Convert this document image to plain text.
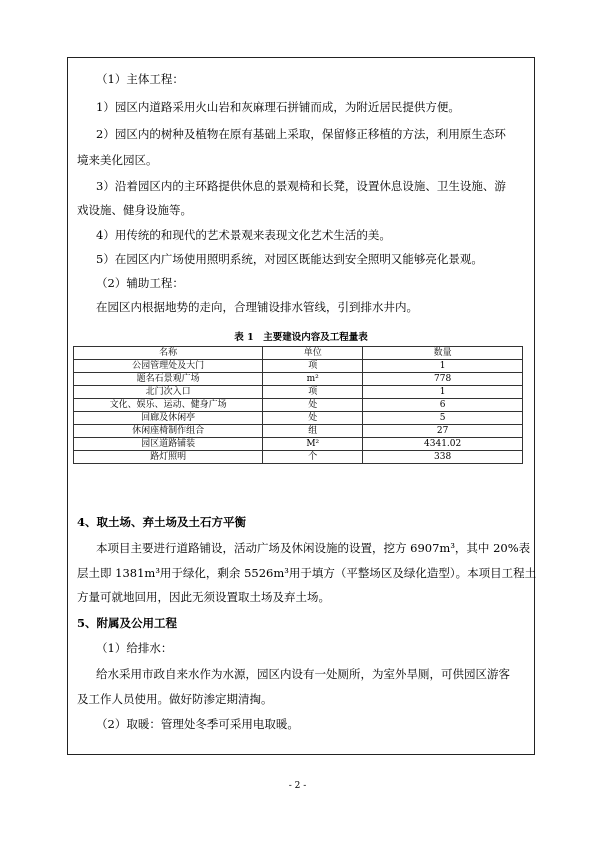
（1）主体工程：
1）园区内道路采用火山岩和灰麻理石拼铺而成，为附近居民提供方便。
2）园区内的树种及植物在原有基础上采取，保留修正移植的方法，利用原生态环
境来美化园区。
3）沿着园区内的主环路提供休息的景观椅和长凳，设置休息设施、卫生设施、游
戏设施、健身设施等。
4）用传统的和现代的艺术景观来表现文化艺术生活的美。
5）在园区内广场使用照明系统，对园区既能达到安全照明又能够亮化景观。
（2）辅助工程：
在园区内根据地势的走向，合理铺设排水管线，引到排水井内。
表 1　主要建设内容及工程量表
名称	单位	数量
公园管理处及大门	项	1
题名石景观广场	m²	778
北门次入口	项	1
文化、娱乐、运动、健身广场	处	6
回廊及休闲亭	处	5
休闲座椅制作组合	组	27
园区道路铺装	M²	4341.02
路灯照明	个	338
4、取土场、弃土场及土石方平衡
本项目主要进行道路铺设，活动广场及休闲设施的设置，挖方 6907m³，其中 20%表
层土即 1381m³用于绿化，剩余 5526m³用于填方（平整场区及绿化造型）。本项目工程土
方量可就地回用，因此无须设置取土场及弃土场。
5、附属及公用工程
（1）给排水：
给水采用市政自来水作为水源，园区内设有一处厕所，为室外旱厕，可供园区游客
及工作人员使用。做好防渗定期清掏。
（2）取暖：管理处冬季可采用电取暖。
- 2 -
